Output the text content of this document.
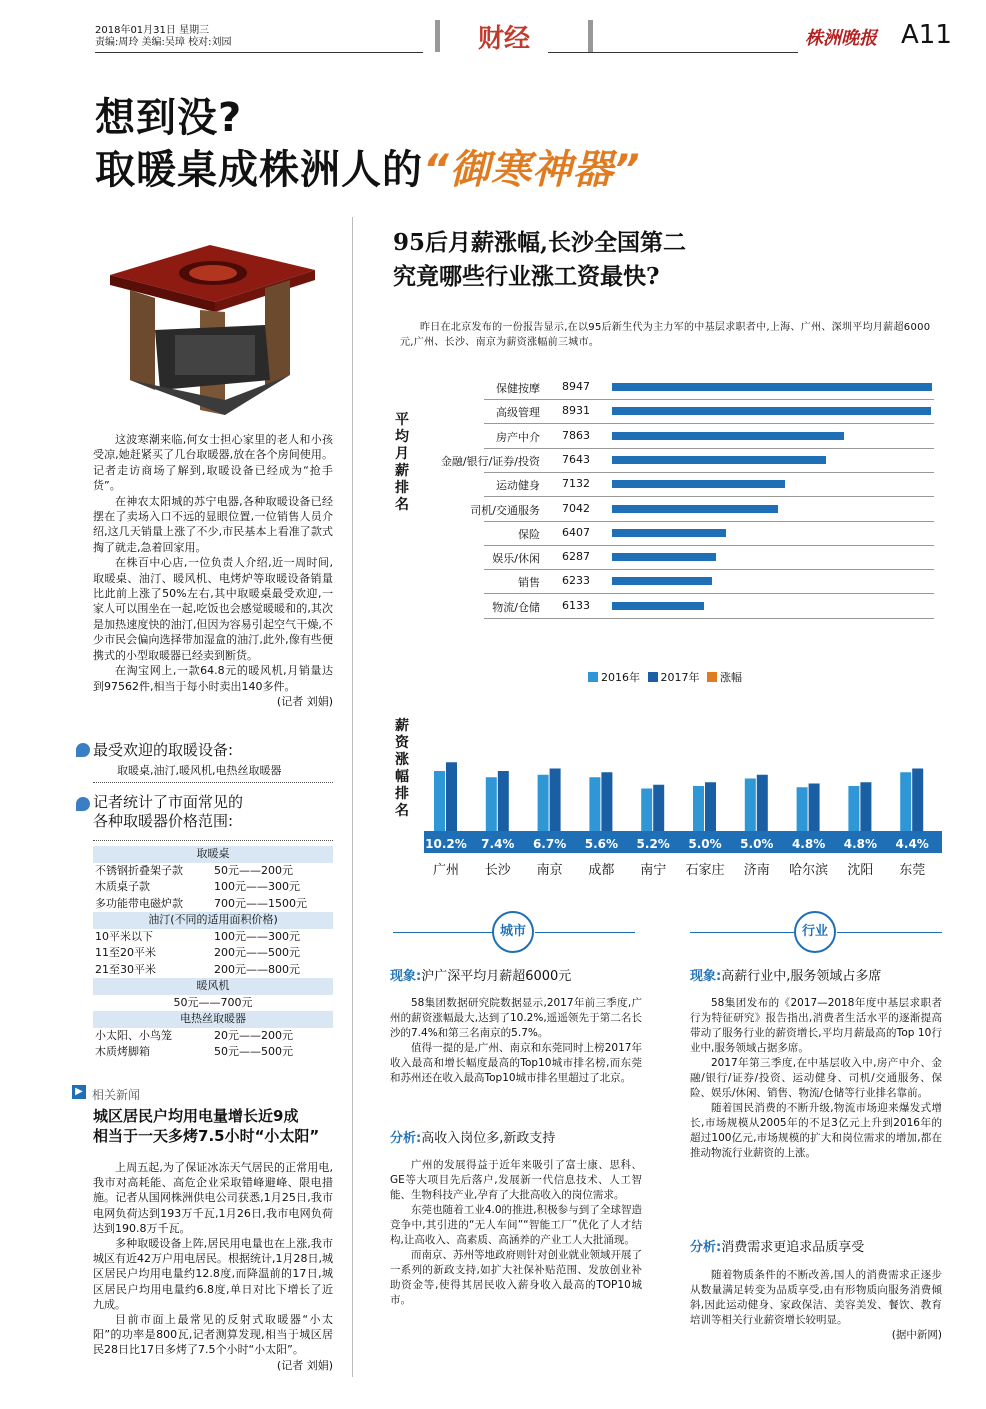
2018年01月31日 星期三
责编:周玲 美编:吴璋 校对:刘园	财经	株洲晚报 A11
想到没?
取暖桌成株洲人的“御寒神器”

这波寒潮来临,何女士担心家里的老人和小孩受凉,她赶紧买了几台取暖器,放在各个房间使用。记者走访商场了解到,取暖设备已经成为“抢手货”。

在神农太阳城的苏宁电器,各种取暖设备已经摆在了卖场入口不远的显眼位置,一位销售人员介绍,这几天销量上涨了不少,市民基本上看准了款式掏了就走,急着回家用。

在株百中心店,一位负责人介绍,近一周时间,取暖桌、油汀、暖风机、电烤炉等取暖设备销量比此前上涨了50%左右,其中取暖桌最受欢迎,一家人可以围坐在一起,吃饭也会感觉暖暖和的,其次是加热速度快的油汀,但因为容易引起空气干燥,不少市民会偏向选择带加湿盒的油汀,此外,像有些便携式的小型取暖器已经卖到断货。

在淘宝网上,一款64.8元的暖风机,月销量达到97562件,相当于每小时卖出140多件。

(记者 刘娟)
最受欢迎的取暖设备:
取暖桌,油汀,暖风机,电热丝取暖器
记者统计了市面常见的
各种取暖器价格范围:
取暖桌	
不锈钢折叠架子款	50元——200元
木质桌子款	100元——300元
多功能带电磁炉款	700元——1500元
油汀(不同的适用面积价格)	
10平米以下	100元——300元
11至20平米	200元——500元
21至30平米	200元——800元
暖风机	
50元——700元	
电热丝取暖器	
小太阳、小鸟笼	20元——200元
木质烤脚箱	50元——500元
▶ 相关新闻
城区居民户均用电量增长近9成
相当于一天多烤7.5小时“小太阳”

上周五起,为了保证冰冻天气居民的正常用电,我市对高耗能、高危企业采取错峰避峰、限电措施。记者从国网株洲供电公司获悉,1月25日,我市电网负荷达到193万千瓦,1月26日,我市电网负荷达到190.8万千瓦。

多种取暖设备上阵,居民用电量也在上涨,我市城区有近42万户用电居民。根据统计,1月28日,城区居民户均用电量约12.8度,而降温前的17日,城区居民户均用电量约6.8度,单日对比下增长了近九成。

目前市面上最常见的反射式取暖器“小太阳”的功率是800瓦,记者测算发现,相当于城区居民28日比17日多烤了7.5个小时“小太阳”。

(记者 刘娟)
95后月薪涨幅,长沙全国第二
究竟哪些行业涨工资最快?
昨日在北京发布的一份报告显示,在以95后新生代为主力军的中基层求职者中,上海、广州、深圳平均月薪超6000元,广州、长沙、南京为薪资涨幅前三城市。
平均月薪排名
保健按摩 8947
高级管理 8931
房产中介 7863
金融/银行/证券/投资 7643
运动健身 7132
司机/交通服务 7042
保险 6407
娱乐/休闲 6287
销售 6233
物流/仓储 6133
2016年 2017年 涨幅
薪资涨幅排名
10.2%
广州
7.4%
长沙
6.7%
南京
5.6%
成都
5.2%
南宁
5.0%
石家庄
5.0%
济南
4.8%
哈尔滨
4.8%
沈阳
4.4%
东莞
城市
现象:沪广深平均月薪超6000元

58集团数据研究院数据显示,2017年前三季度,广州的薪资涨幅最大,达到了10.2%,遥遥领先于第二名长沙的7.4%和第三名南京的5.7%。

值得一提的是,广州、南京和东莞同时上榜2017年收入最高和增长幅度最高的Top10城市排名榜,而东莞和苏州还在收入最高Top10城市排名里超过了北京。

分析:高收入岗位多,新政支持

广州的发展得益于近年来吸引了富士康、思科、GE等大项目先后落户,发展新一代信息技术、人工智能、生物科技产业,孕育了大批高收入的岗位需求。

东莞也随着工业4.0的推进,积极参与到了全球智造竞争中,其引进的“无人车间”“智能工厂”优化了人才结构,让高收入、高素质、高涵养的产业工人大批涌现。

而南京、苏州等地政府则针对创业就业领域开展了一系列的新政支持,如扩大社保补贴范围、发放创业补助资金等,使得其居民收入薪身收入最高的TOP10城市。

行业
现象:高薪行业中,服务领域占多席

58集团发布的《2017—2018年度中基层求职者行为特征研究》报告指出,消费者生活水平的逐渐提高带动了服务行业的薪资增长,平均月薪最高的Top 10行业中,服务领域占据多席。

2017年第三季度,在中基层收入中,房产中介、金融/银行/证券/投资、运动健身、司机/交通服务、保险、娱乐/休闲、销售、物流/仓储等行业排名靠前。

随着国民消费的不断升级,物流市场迎来爆发式增长,市场规模从2005年的不足3亿元上升到2016年的超过100亿元,市场规模的扩大和岗位需求的增加,都在推动物流行业薪资的上涨。

分析:消费需求更追求品质享受

随着物质条件的不断改善,国人的消费需求正逐步从数量满足转变为品质享受,由有形物质向服务消费倾斜,因此运动健身、家政保洁、美容美发、餐饮、教育培训等相关行业薪资增长较明显。

(据中新网)
